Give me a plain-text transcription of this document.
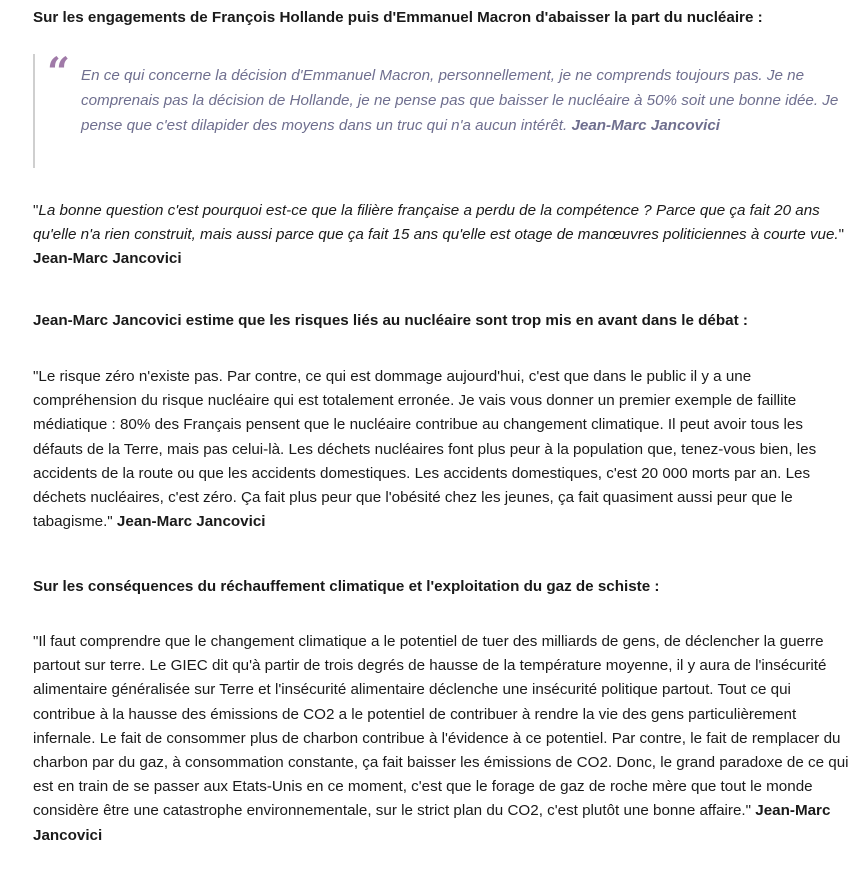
Sur les engagements de François Hollande puis d'Emmanuel Macron d'abaisser la part du nucléaire :
“ En ce qui concerne la décision d'Emmanuel Macron, personnellement, je ne comprends toujours pas. Je ne comprenais pas la décision de Hollande, je ne pense pas que baisser le nucléaire à 50% soit une bonne idée. Je pense que c'est dilapider des moyens dans un truc qui n'a aucun intérêt. Jean-Marc Jancovici
"La bonne question c'est pourquoi est-ce que la filière française a perdu de la compétence ? Parce que ça fait 20 ans qu'elle n'a rien construit, mais aussi parce que ça fait 15 ans qu'elle est otage de manœuvres politiciennes à courte vue." Jean-Marc Jancovici
Jean-Marc Jancovici estime que les risques liés au nucléaire sont trop mis en avant dans le débat :
"Le risque zéro n'existe pas. Par contre, ce qui est dommage aujourd'hui, c'est que dans le public il y a une compréhension du risque nucléaire qui est totalement erronée. Je vais vous donner un premier exemple de faillite médiatique : 80% des Français pensent que le nucléaire contribue au changement climatique. Il peut avoir tous les défauts de la Terre, mais pas celui-là. Les déchets nucléaires font plus peur à la population que, tenez-vous bien, les accidents de la route ou que les accidents domestiques. Les accidents domestiques, c'est 20 000 morts par an. Les déchets nucléaires, c'est zéro. Ça fait plus peur que l'obésité chez les jeunes, ça fait quasiment aussi peur que le tabagisme." Jean-Marc Jancovici
Sur les conséquences du réchauffement climatique et l'exploitation du gaz de schiste :
"Il faut comprendre que le changement climatique a le potentiel de tuer des milliards de gens, de déclencher la guerre partout sur terre. Le GIEC dit qu'à partir de trois degrés de hausse de la température moyenne, il y aura de l'insécurité alimentaire généralisée sur Terre et l'insécurité alimentaire déclenche une insécurité politique partout. Tout ce qui contribue à la hausse des émissions de CO2 a le potentiel de contribuer à rendre la vie des gens particulièrement infernale. Le fait de consommer plus de charbon contribue à l'évidence à ce potentiel. Par contre, le fait de remplacer du charbon par du gaz, à consommation constante, ça fait baisser les émissions de CO2. Donc, le grand paradoxe de ce qui est en train de se passer aux Etats-Unis en ce moment, c'est que le forage de gaz de roche mère que tout le monde considère être une catastrophe environnementale, sur le strict plan du CO2, c'est plutôt une bonne affaire." Jean-Marc Jancovici
